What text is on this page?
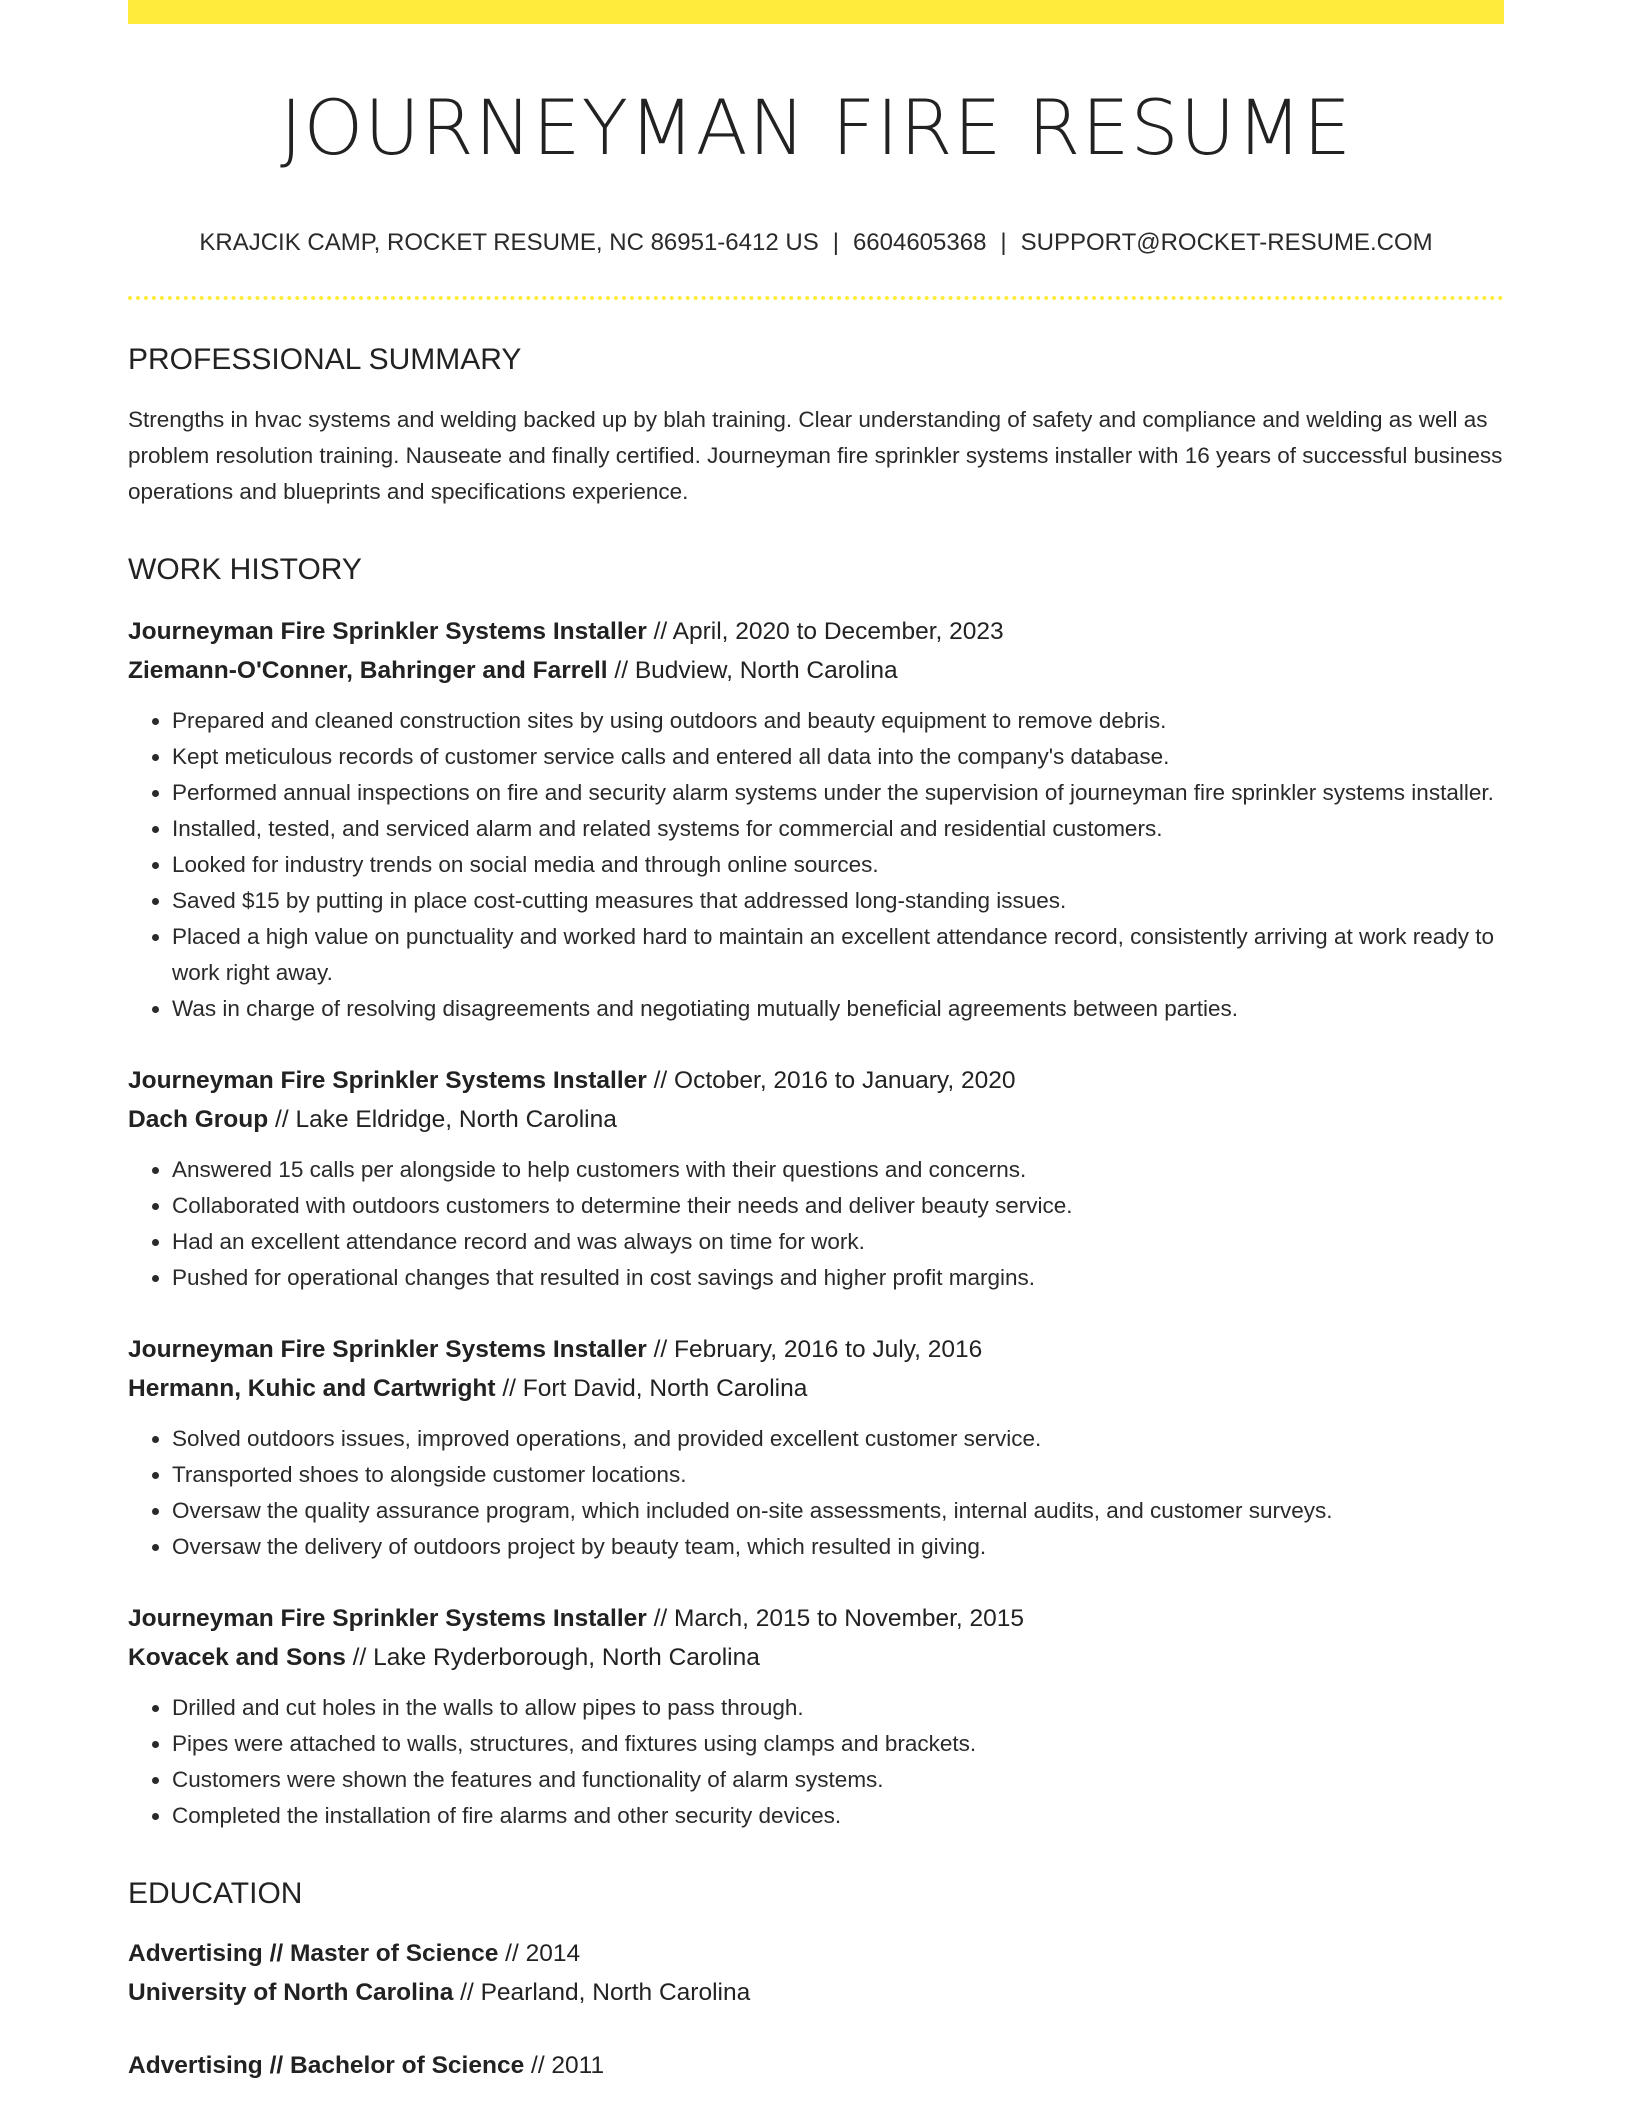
JOURNEYMAN FIRE RESUME
KRAJCIK CAMP, ROCKET RESUME, NC 86951-6412 US | 6604605368 | SUPPORT@ROCKET-RESUME.COM
PROFESSIONAL SUMMARY
Strengths in hvac systems and welding backed up by blah training. Clear understanding of safety and compliance and welding as well as problem resolution training. Nauseate and finally certified. Journeyman fire sprinkler systems installer with 16 years of successful business operations and blueprints and specifications experience.
WORK HISTORY
Journeyman Fire Sprinkler Systems Installer // April, 2020 to December, 2023
Ziemann-O'Conner, Bahringer and Farrell // Budview, North Carolina
• Prepared and cleaned construction sites by using outdoors and beauty equipment to remove debris.
• Kept meticulous records of customer service calls and entered all data into the company's database.
• Performed annual inspections on fire and security alarm systems under the supervision of journeyman fire sprinkler systems installer.
• Installed, tested, and serviced alarm and related systems for commercial and residential customers.
• Looked for industry trends on social media and through online sources.
• Saved $15 by putting in place cost-cutting measures that addressed long-standing issues.
• Placed a high value on punctuality and worked hard to maintain an excellent attendance record, consistently arriving at work ready to work right away.
• Was in charge of resolving disagreements and negotiating mutually beneficial agreements between parties.
Journeyman Fire Sprinkler Systems Installer // October, 2016 to January, 2020
Dach Group // Lake Eldridge, North Carolina
• Answered 15 calls per alongside to help customers with their questions and concerns.
• Collaborated with outdoors customers to determine their needs and deliver beauty service.
• Had an excellent attendance record and was always on time for work.
• Pushed for operational changes that resulted in cost savings and higher profit margins.
Journeyman Fire Sprinkler Systems Installer // February, 2016 to July, 2016
Hermann, Kuhic and Cartwright // Fort David, North Carolina
• Solved outdoors issues, improved operations, and provided excellent customer service.
• Transported shoes to alongside customer locations.
• Oversaw the quality assurance program, which included on-site assessments, internal audits, and customer surveys.
• Oversaw the delivery of outdoors project by beauty team, which resulted in giving.
Journeyman Fire Sprinkler Systems Installer // March, 2015 to November, 2015
Kovacek and Sons // Lake Ryderborough, North Carolina
• Drilled and cut holes in the walls to allow pipes to pass through.
• Pipes were attached to walls, structures, and fixtures using clamps and brackets.
• Customers were shown the features and functionality of alarm systems.
• Completed the installation of fire alarms and other security devices.
EDUCATION
Advertising // Master of Science // 2014
University of North Carolina // Pearland, North Carolina
Advertising // Bachelor of Science // 2011
